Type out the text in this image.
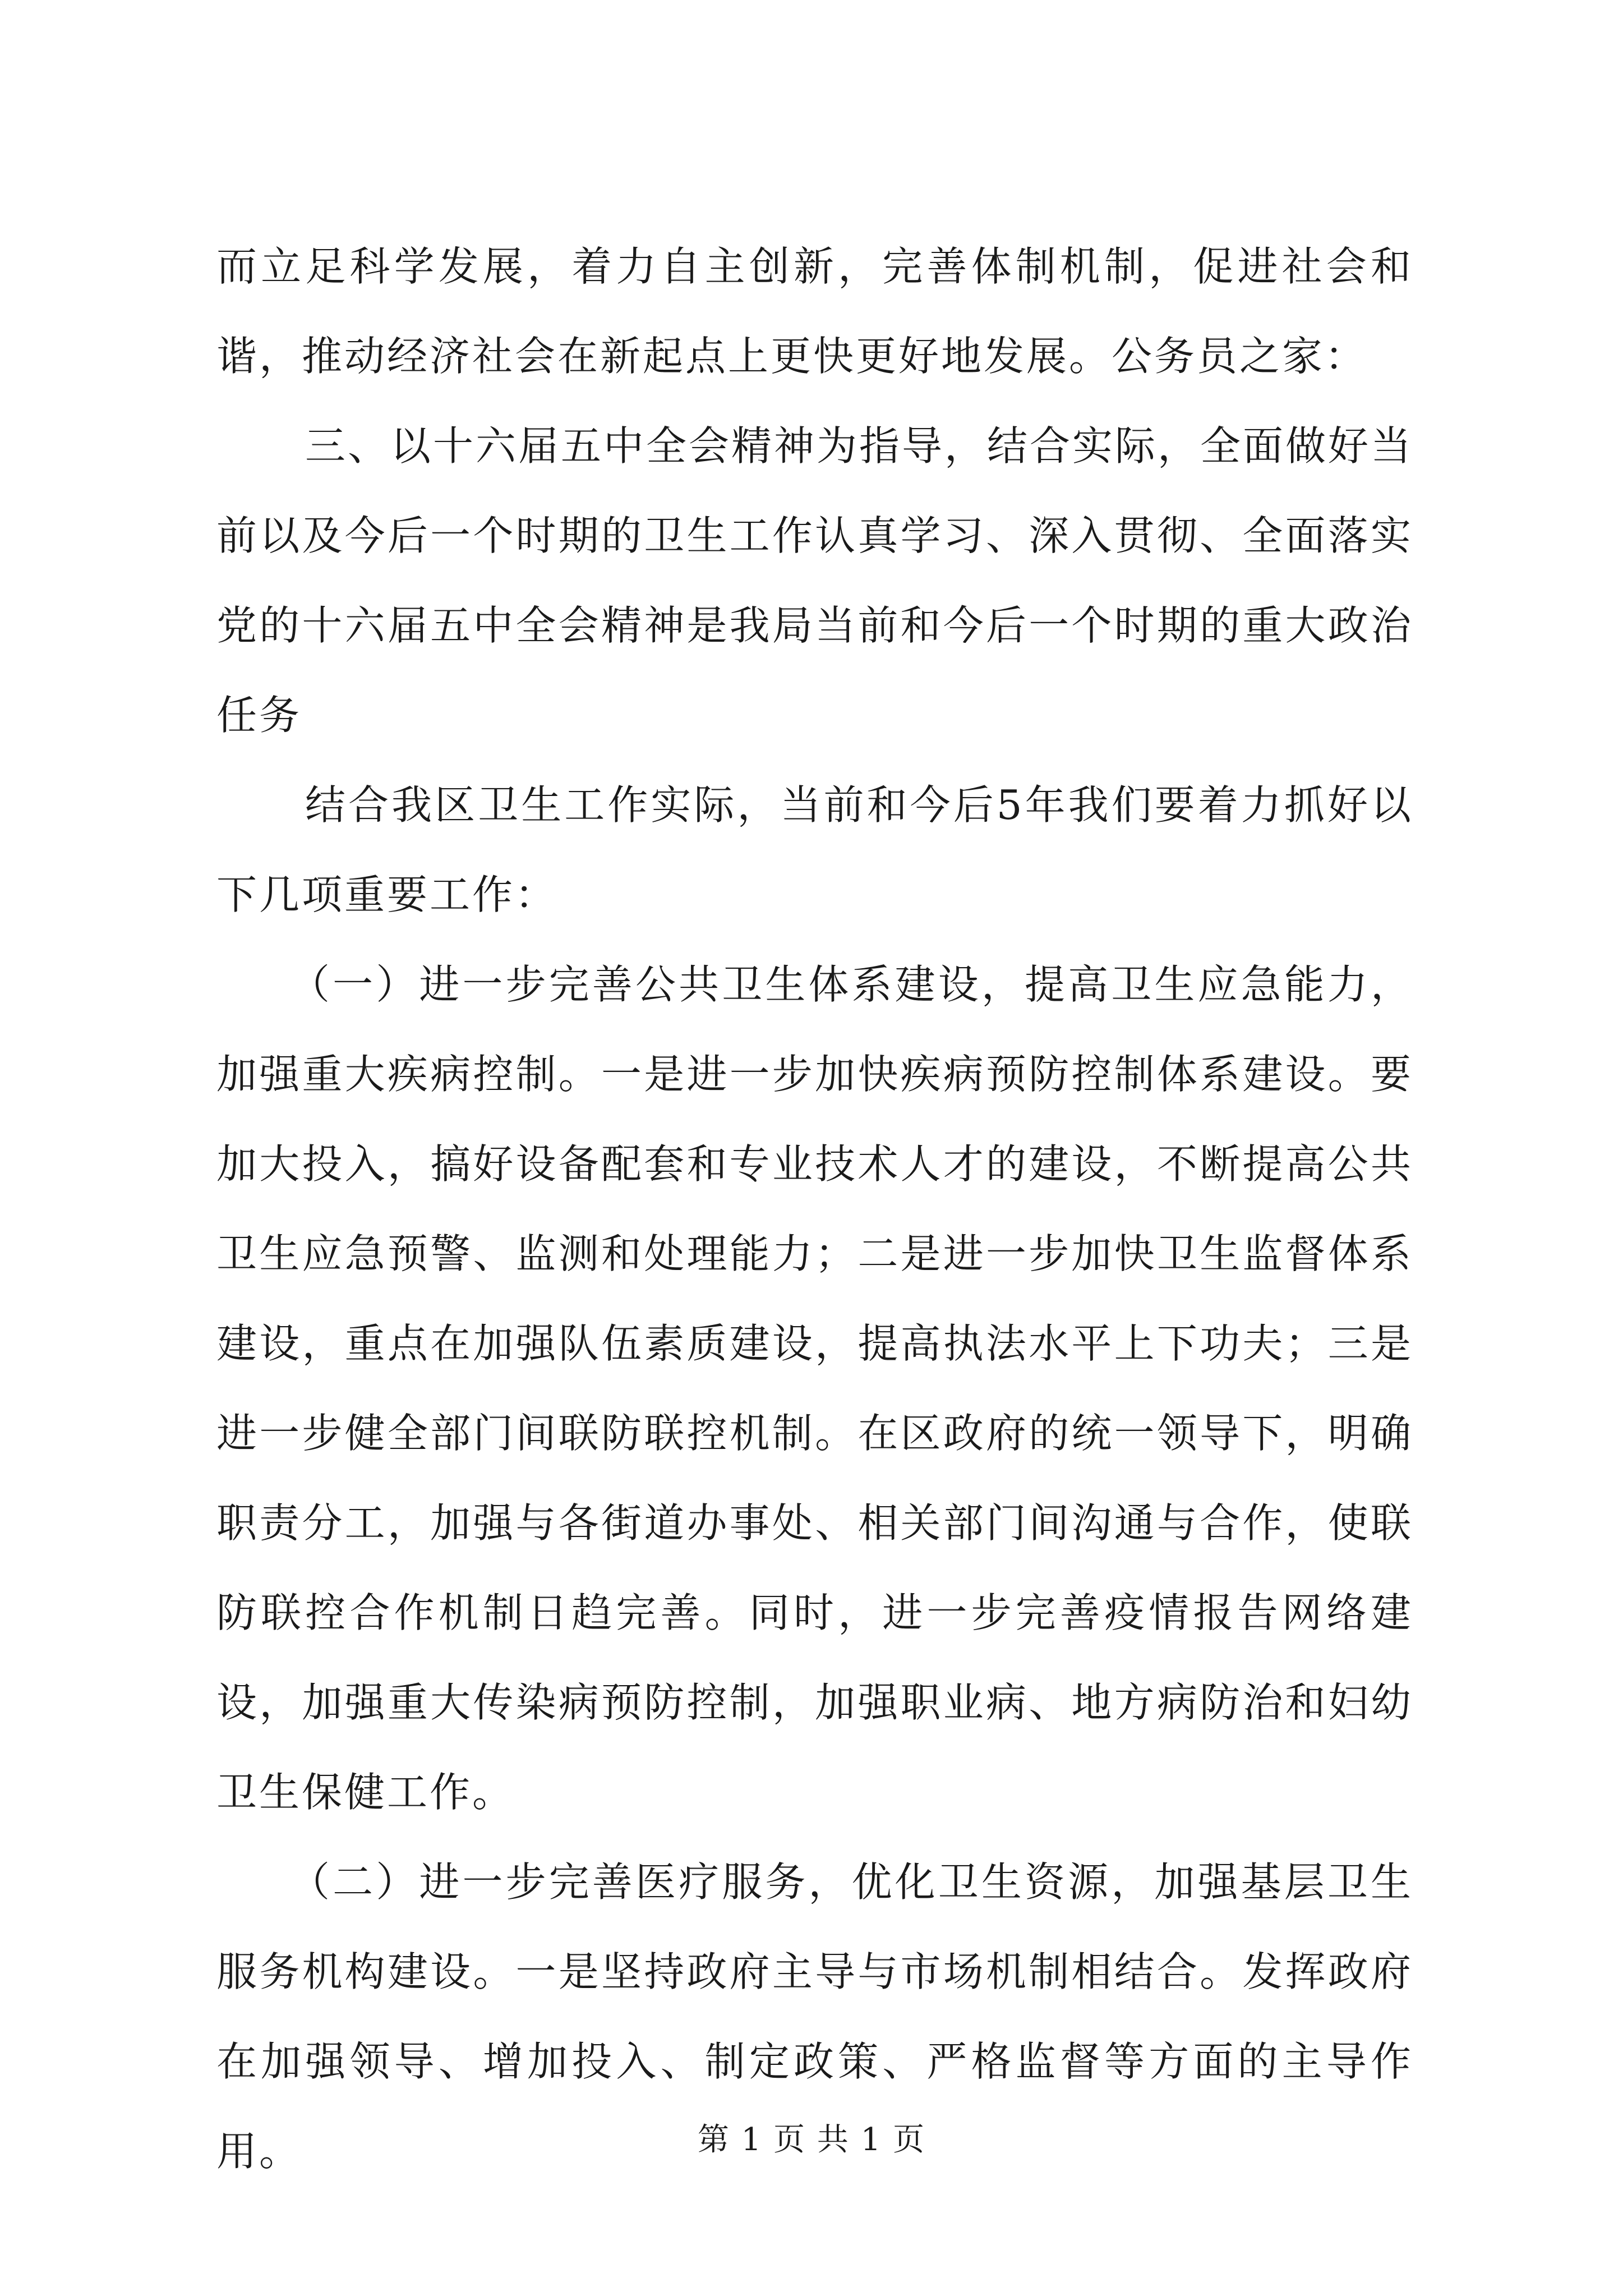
而立足科学发展，着力自主创新，完善体制机制，促进社会和谐，推动经济社会在新起点上更快更好地发展。公务员之家：

三、以十六届五中全会精神为指导，结合实际，全面做好当前以及今后一个时期的卫生工作认真学习、深入贯彻、全面落实党的十六届五中全会精神是我局当前和今后一个时期的重大政治任务

结合我区卫生工作实际，当前和今后5年我们要着力抓好以下几项重要工作：

（一）进一步完善公共卫生体系建设，提高卫生应急能力，加强重大疾病控制。一是进一步加快疾病预防控制体系建设。要加大投入，搞好设备配套和专业技术人才的建设，不断提高公共卫生应急预警、监测和处理能力；二是进一步加快卫生监督体系建设，重点在加强队伍素质建设，提高执法水平上下功夫；三是进一步健全部门间联防联控机制。在区政府的统一领导下，明确职责分工，加强与各街道办事处、相关部门间沟通与合作，使联防联控合作机制日趋完善。同时，进一步完善疫情报告网络建设，加强重大传染病预防控制，加强职业病、地方病防治和妇幼卫生保健工作。

（二）进一步完善医疗服务，优化卫生资源，加强基层卫生服务机构建设。一是坚持政府主导与市场机制相结合。发挥政府在加强领导、增加投入、制定政策、严格监督等方面的主导作用。	第 1 页 共 1 页
